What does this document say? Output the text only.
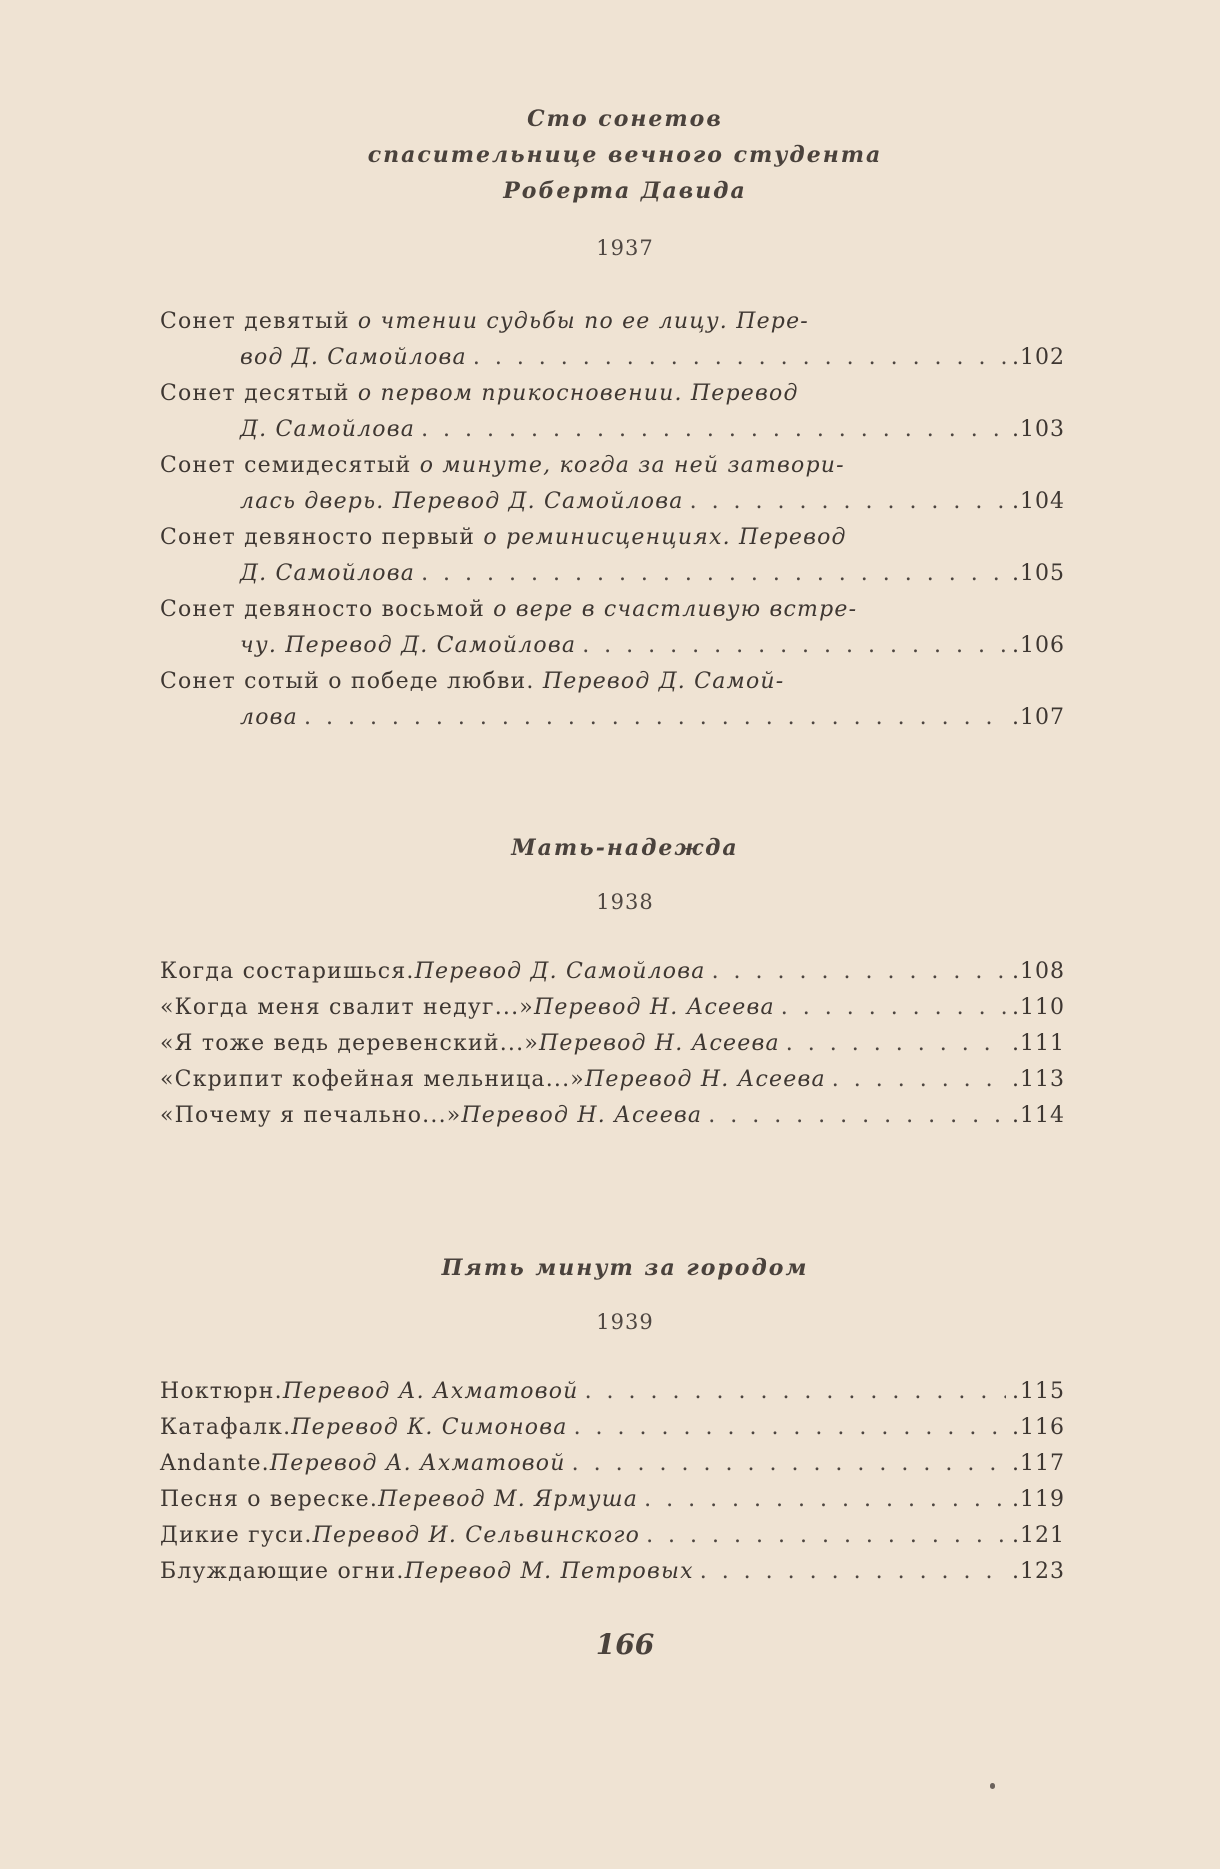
Сто сонетов
спасительнице вечного студента
Роберта Давида
1937
Сонет девятый о чтении судьбы по ее лицу. Пере-
вод Д. Самойлова . . .	.102
Сонет десятый о первом прикосновении. Перевод
Д. Самойлова . . .	.103
Сонет семидесятый о минуте, когда за ней затвори-
лась дверь. Перевод Д. Самойлова . . .	.104
Сонет девяносто первый о реминисценциях. Перевод
Д. Самойлова . . .	.105
Сонет девяносто восьмой о вере в счастливую встре-
чу. Перевод Д. Самойлова . . .	.106
Сонет сотый о победе любви. Перевод Д. Самой-
лова . . .	.107
Мать-надежда
1938
Когда состаришься. Перевод Д. Самойлова . . .	.108
«Когда меня свалит недуг...» Перевод Н. Асеева . . .	.110
«Я тоже ведь деревенский...» Перевод Н. Асеева . . .	.111
«Скрипит кофейная мельница...» Перевод Н. Асеева . . .	.113
«Почему я печально...» Перевод Н. Асеева . . .	.114
Пять минут за городом
1939
Ноктюрн. Перевод А. Ахматовой . . .	.115
Катафалк. Перевод К. Симонова . . .	.116
Andante. Перевод А. Ахматовой . . .	.117
Песня о вереске. Перевод М. Ярмуша . . .	.119
Дикие гуси. Перевод И. Сельвинского . . .	.121
Блуждающие огни. Перевод М. Петровых . . .	.123
166
